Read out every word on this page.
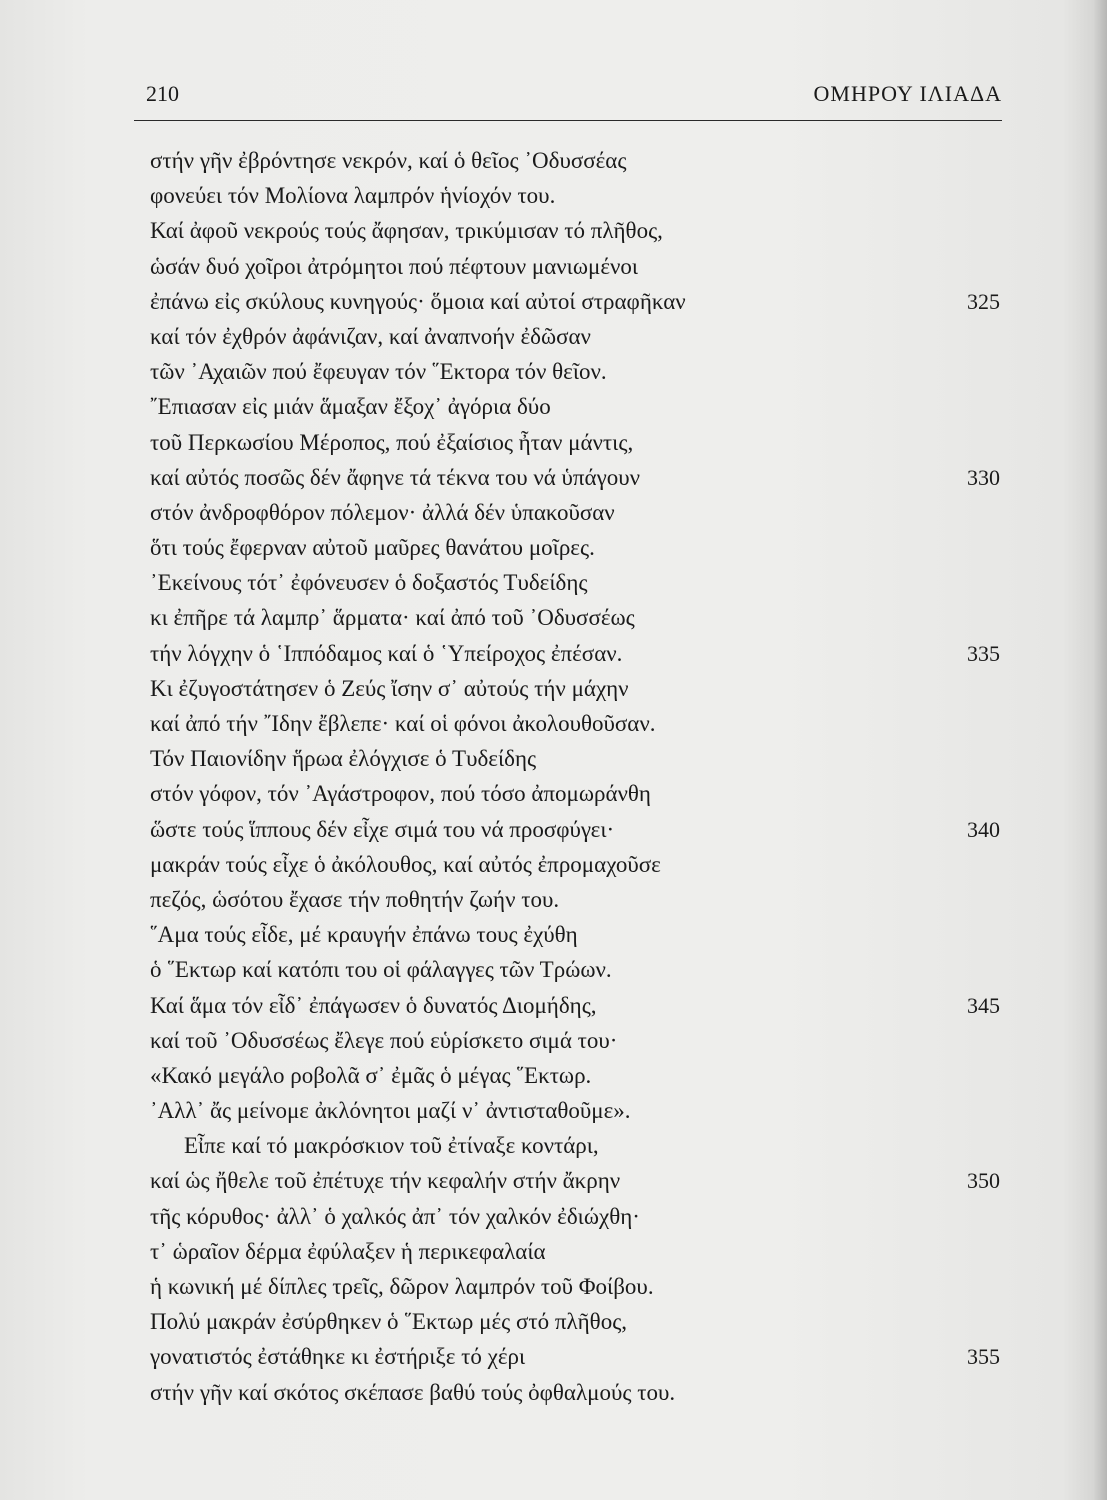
210	ΟΜΗΡΟΥ ΙΛΙΑΔΑ
στήν γῆν ἐβρόντησε νεκρόν, καί ὁ θεῖος ᾿Οδυσσέας
φονεύει τόν Μολίονα λαμπρόν ἡνίοχόν του.
Καί ἀφοῦ νεκρούς τούς ἄφησαν, τρικύμισαν τό πλῆθος,
ὡσάν δυό χοῖροι ἀτρόμητοι πού πέφτουν μανιωμένοι
ἐπάνω εἰς σκύλους κυνηγούς· ὅμοια καί αὐτοί στραφῆκαν	325
καί τόν ἐχθρόν ἀφάνιζαν, καί ἀναπνοήν ἐδῶσαν
τῶν ᾿Αχαιῶν πού ἔφευγαν τόν ῞Εκτορα τόν θεῖον.
῎Επιασαν εἰς μιάν ἅμαξαν ἔξοχ᾿ ἀγόρια δύο
τοῦ Περκωσίου Μέροπος, πού ἐξαίσιος ἦταν μάντις,
καί αὐτός ποσῶς δέν ἄφηνε τά τέκνα του νά ὑπάγουν	330
στόν ἀνδροφθόρον πόλεμον· ἀλλά δέν ὑπακοῦσαν
ὅτι τούς ἔφερναν αὐτοῦ μαῦρες θανάτου μοῖρες.
᾿Εκείνους τότ᾿ ἐφόνευσεν ὁ δοξαστός Τυδείδης
κι ἐπῆρε τά λαμπρ᾿ ἅρματα· καί ἀπό τοῦ ᾿Οδυσσέως
τήν λόγχην ὁ ῾Ιππόδαμος καί ὁ ῾Υπείροχος ἐπέσαν.	335
Κι ἐζυγοστάτησεν ὁ Ζεύς ἴσην σ᾿ αὐτούς τήν μάχην
καί ἀπό τήν ῎Ιδην ἔβλεπε· καί οἱ φόνοι ἀκολουθοῦσαν.
Τόν Παιονίδην ἥρωα ἐλόγχισε ὁ Τυδείδης
στόν γόφον, τόν ᾿Αγάστροφον, πού τόσο ἀπομωράνθη
ὥστε τούς ἵππους δέν εἶχε σιμά του νά προσφύγει·	340
μακράν τούς εἶχε ὁ ἀκόλουθος, καί αὐτός ἐπρομαχοῦσε
πεζός, ὡσότου ἔχασε τήν ποθητήν ζωήν του.
῞Αμα τούς εἶδε, μέ κραυγήν ἐπάνω τους ἐχύθη
ὁ ῞Εκτωρ καί κατόπι του οἱ φάλαγγες τῶν Τρώων.
Καί ἅμα τόν εἶδ᾿ ἐπάγωσεν ὁ δυνατός Διομήδης,	345
καί τοῦ ᾿Οδυσσέως ἔλεγε πού εὑρίσκετο σιμά του·
«Κακό μεγάλο ροβολᾶ σ᾿ ἐμᾶς ὁ μέγας ῞Εκτωρ.
᾿Αλλ᾿ ἄς μείνομε ἀκλόνητοι μαζί ν᾿ ἀντισταθοῦμε».
Εἶπε καί τό μακρόσκιον τοῦ ἐτίναξε κοντάρι,
καί ὡς ἤθελε τοῦ ἐπέτυχε τήν κεφαλήν στήν ἄκρην	350
τῆς κόρυθος· ἀλλ᾿ ὁ χαλκός ἀπ᾿ τόν χαλκόν ἐδιώχθη·
τ᾿ ὡραῖον δέρμα ἐφύλαξεν ἡ περικεφαλαία
ἡ κωνική μέ δίπλες τρεῖς, δῶρον λαμπρόν τοῦ Φοίβου.
Πολύ μακράν ἐσύρθηκεν ὁ ῞Εκτωρ μές στό πλῆθος,
γονατιστός ἐστάθηκε κι ἐστήριξε τό χέρι	355
στήν γῆν καί σκότος σκέπασε βαθύ τούς ὀφθαλμούς του.
